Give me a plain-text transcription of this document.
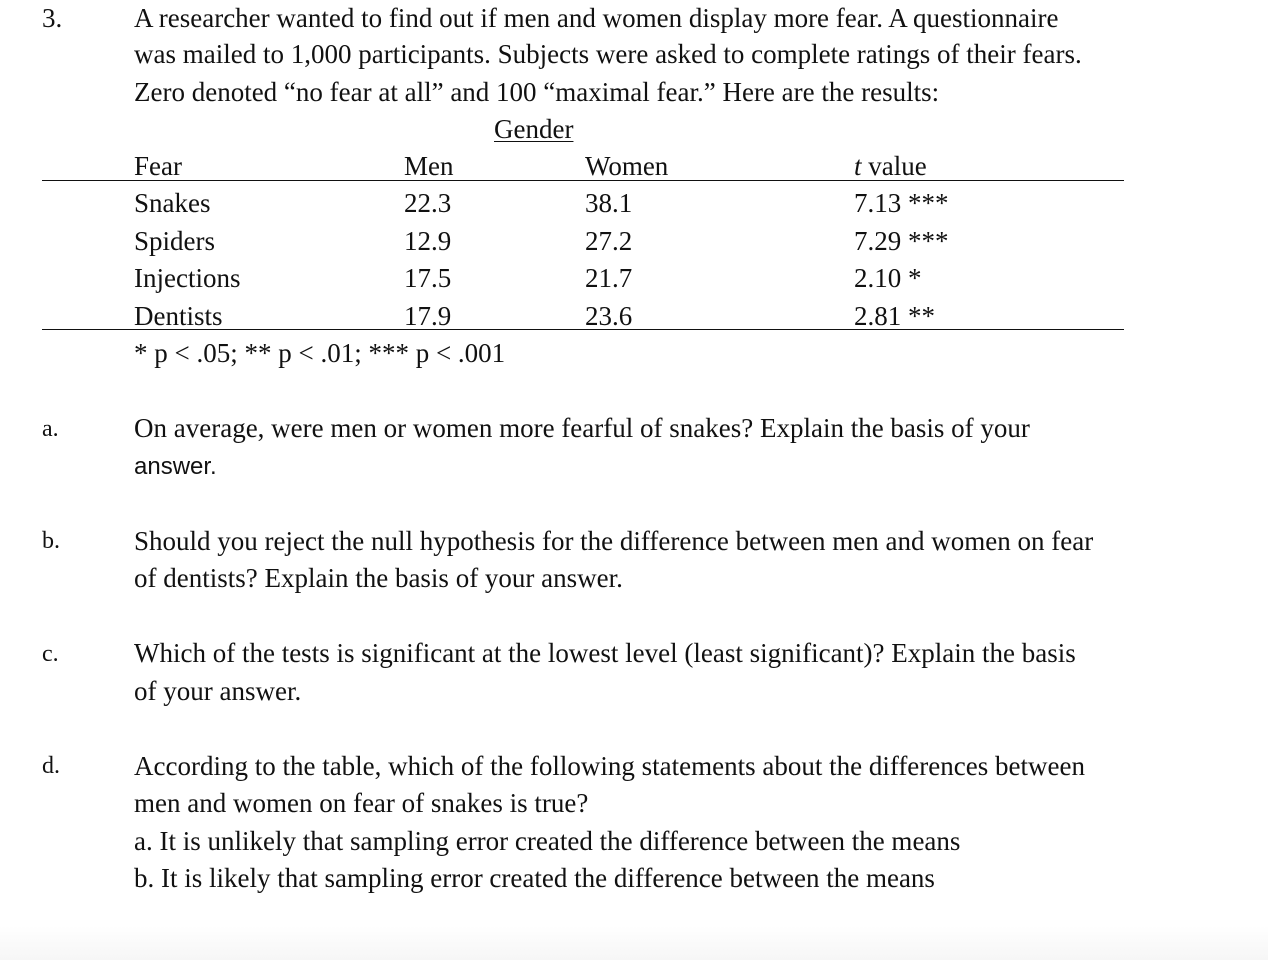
3.	A researcher wanted to find out if men and women display more fear. A questionnaire
was mailed to 1,000 participants. Subjects were asked to complete ratings of their fears.
Zero denoted “no fear at all” and 100 “maximal fear.” Here are the results:
Gender
Fear	Men	Women	t value
Snakes	22.3	38.1	7.13 ***
Spiders	12.9	27.2	7.29 ***
Injections	17.5	21.7	2.10 *
Dentists	17.9	23.6	2.81 **
* p < .05; ** p < .01; *** p < .001
a.	On average, were men or women more fearful of snakes? Explain the basis of your
answer.
b.	Should you reject the null hypothesis for the difference between men and women on fear
of dentists? Explain the basis of your answer.
c.	Which of the tests is significant at the lowest level (least significant)? Explain the basis
of your answer.
d.	According to the table, which of the following statements about the differences between
men and women on fear of snakes is true?
a. It is unlikely that sampling error created the difference between the means
b. It is likely that sampling error created the difference between the means
